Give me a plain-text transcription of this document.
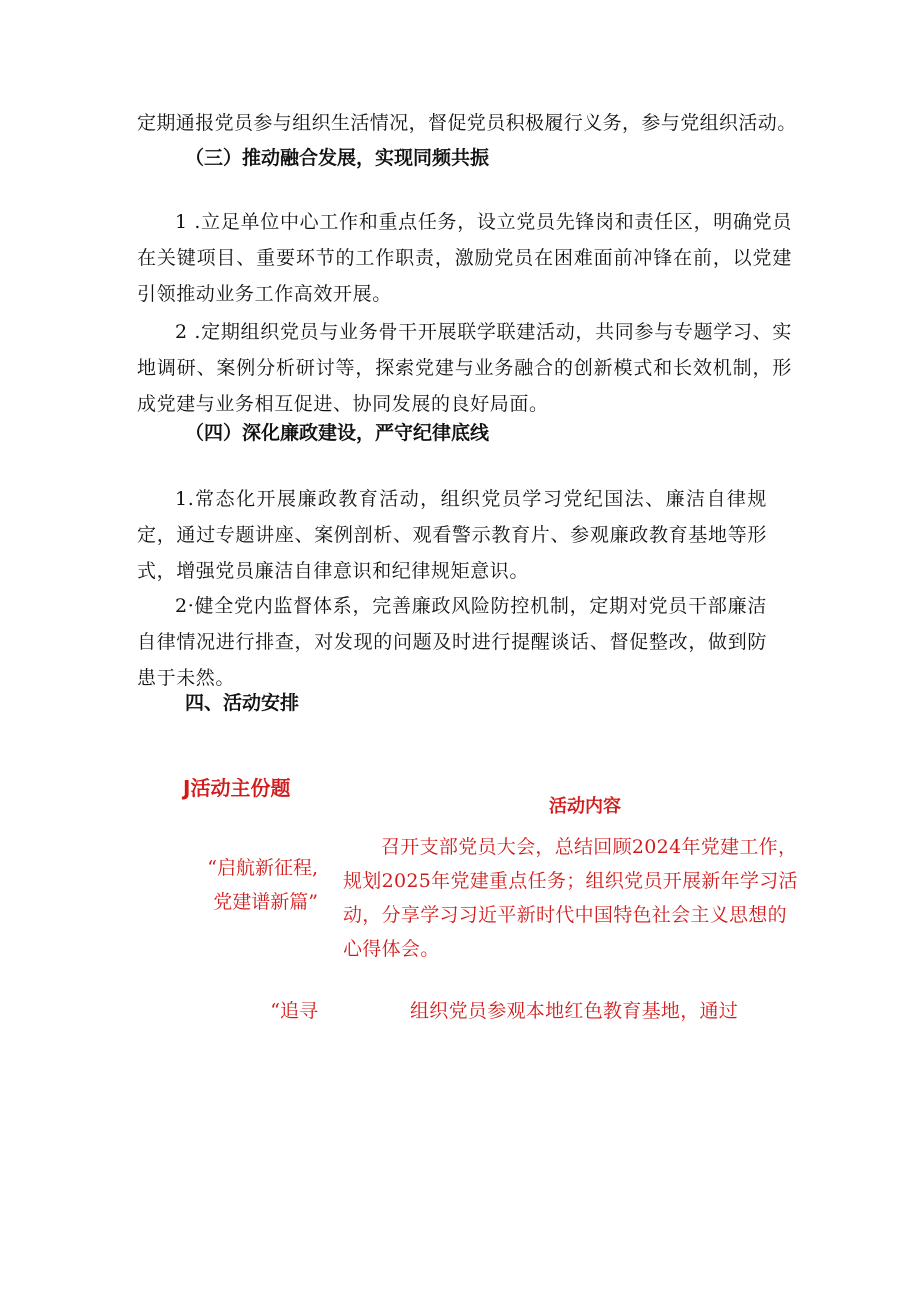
定期通报党员参与组织生活情况，督促党员积极履行义务，参与党组织活动。
（三）推动融合发展，实现同频共振
1 .立足单位中心工作和重点任务，设立党员先锋岗和责任区，明确党员在关键项目、重要环节的工作职责，激励党员在困难面前冲锋在前，以党建引领推动业务工作高效开展。
2 .定期组织党员与业务骨干开展联学联建活动，共同参与专题学习、实地调研、案例分析研讨等，探索党建与业务融合的创新模式和长效机制，形成党建与业务相互促进、协同发展的良好局面。
（四）深化廉政建设，严守纪律底线
1.常态化开展廉政教育活动，组织党员学习党纪国法、廉洁自律规定，通过专题讲座、案例剖析、观看警示教育片、参观廉政教育基地等形式，增强党员廉洁自律意识和纪律规矩意识。
2·健全党内监督体系，完善廉政风险防控机制，定期对党员干部廉洁自律情况进行排查，对发现的问题及时进行提醒谈话、督促整改，做到防患于未然。
四、活动安排
J活动主份题
活动内容
“启航新征程, 党建谱新篇”
召开支部党员大会，总结回顾2024年党建工作，规划2025年党建重点任务；组织党员开展新年学习活动，分享学习习近平新时代中国特色社会主义思想的心得体会。
“追寻	组织党员参观本地红色教育基地，通过
